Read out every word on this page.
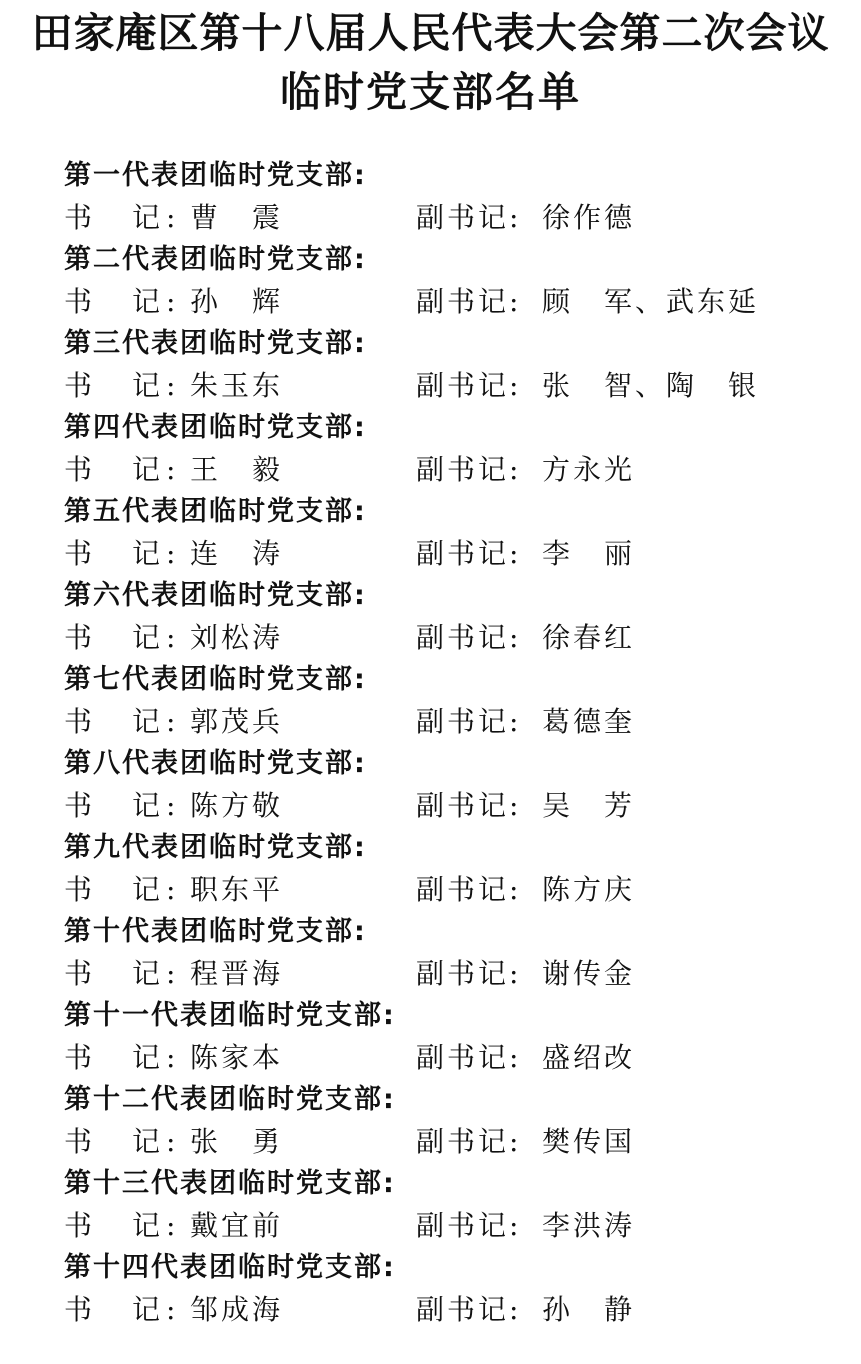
田家庵区第十八届人民代表大会第二次会议
临时党支部名单
第一代表团临时党支部:
书　记: 曹　震	副书记: 徐作德
第二代表团临时党支部:
书　记: 孙　辉	副书记: 顾　军、武东延
第三代表团临时党支部:
书　记: 朱玉东	副书记: 张　智、陶　银
第四代表团临时党支部:
书　记: 王　毅	副书记: 方永光
第五代表团临时党支部:
书　记: 连　涛	副书记: 李　丽
第六代表团临时党支部:
书　记: 刘松涛	副书记: 徐春红
第七代表团临时党支部:
书　记: 郭茂兵	副书记: 葛德奎
第八代表团临时党支部:
书　记: 陈方敬	副书记: 吴　芳
第九代表团临时党支部:
书　记: 职东平	副书记: 陈方庆
第十代表团临时党支部:
书　记: 程晋海	副书记: 谢传金
第十一代表团临时党支部:
书　记: 陈家本	副书记: 盛绍改
第十二代表团临时党支部:
书　记: 张　勇	副书记: 樊传国
第十三代表团临时党支部:
书　记: 戴宜前	副书记: 李洪涛
第十四代表团临时党支部:
书　记: 邹成海	副书记: 孙　静
